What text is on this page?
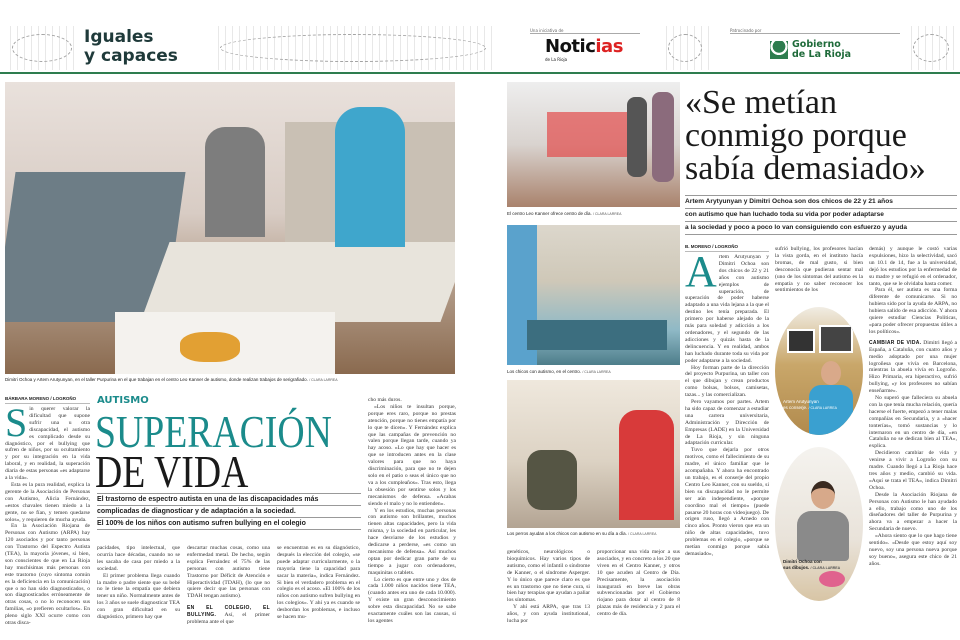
Iguales
y capaces
Una iniciativa de
Noticias
de La Rioja
Patrocinado por
Gobierno
de La Rioja
Dimitri Ochoa y Artem Arutyunyan, en el taller Purpurina en el que trabajan en el centro Leo Kanner de autismo, donde realizan trabajos de serigrafiado. / CLARA LARREA
BÁRBARA MORENO / LOGROÑO

Sin querer valorar la dificultad que supone sufrir una u otra discapacidad, el autismo es complicado desde su diagnóstico, por el bullying que sufren de niños, por su ocultamiento y por su integración en la vida laboral, y en realidad, la superación diaria de estas personas «es adaptarse a la vida».

Esta es la pura realidad, explica la gerente de la Asociación de Personas con Autismo, Alicia Fernández, «estos chavales tienen miedo a la gente, no se fían, y temen quedarse solos», y requieren de mucha ayuda.

En la Asociación Riojana de Personas con Autismo (ARPA) hay 120 asociados y por tanto personas con Trastorno del Espectro Autista (TEA), la mayoría jóvenes, si bien, son conscientes de que en La Rioja hay muchísimas más personas con este trastorno (cuyo síntoma común es la deficiencia en la comunicación) que o no han sido diagnosticados, o son diagnosticados erróneamente de otras cosas, o no lo reconocen sus familias, «o prefieren ocultarlos». En pleno siglo XXI ocurre como con otras disca-

AUTISMO
SUPERACIÓN
DE VIDA
El trastorno de espectro autista en una de las discapacidades más
complicadas de diagnosticar y de adaptación a la sociedad.
El 100% de los niños con autismo sufren bullying en el colegio

pacidades, tipo intelectual, que ocurría hace décadas, cuando no se les sacaba de casa por miedo a la sociedad.

El primer problema llega cuando la madre o padre siente que su bebé no le tiene la empatía que debiera tener un niño. Normalmente antes de los 3 años se suele diagnosticar TEA con gran dificultad en su diagnóstico, primero hay que

descartar muchas cosas, como una enfermedad metal. De hecho, según explica Fernández el 75% de las personas con autismo tiene Trastorno por Déficit de Atención e Hiperactividad (TDAH), (lo que no quiere decir que las personas con TDAH tengan autismo).

EN EL COLEGIO, EL BULLYING. Así, el primer problema ante el que

se encuentran es en su diagnóstico, después la elección del colegio, «se puede adaptar curricularmente, o la mayoría tiene la capacidad para sacar la materia», indica Fernández. Si bien el verdadero problema en el colegio es el acoso. «El 100% de los niños con autismo sufren bullying en los colegios». Y ahí ya es cuando se desbordan los problemas, e incluso se hacen mu-

cho más duros.

«Los niños te insultan porque, porque eres raro, porque no prestas atención, porque no tienes empatía por lo que te dicen». Y Fernández explica que las campañas de prevención no valen porque llegan tarde, cuando ya hay acoso. «Lo que hay que hacer es que se introducen antes en la clase valores para que no haya discriminación, para que no te dejen solo en el patio o seas el único que no va a los cumpleaños». Tras esto, llega la obsesión por sentirse solos y los mecanismos de defensa. «Acabas siendo el malo y no lo entienden».

Y en los estudios, muchas personas con autismo son brillantes, muchos tienen altas capacidades, pero la vida misma, y la sociedad en particular, les hace desviarse de los estudios y dedicarse a perderse, «es como un mecanismo de defensa». Así muchos optan por dedicar gran parte de su tiempo a jugar con ordenadores, maquinitas o tablets.

Lo cierto es que entre uno y dos de cada 1.000 niños nacidos tiene TEA, (cuando antes era uno de cada 10.000). Y existe un gran desconocimiento sobre esta discapacidad. No se sabe exactamente cuáles son las causas, si los agentes

El centro Leo Kanner ofrece centro de día. / CLARA LARREA
Los chicos con autismo, en el centro. / CLARA LARREA
Los perros ayudan a los chicos con autismo en su día a día. / CLARA LARREA

genéticos, neurológicos o bioquímicos. Hay varios tipos de autismo, como el infantil o síndrome de Kanner, o el síndrome Asperger. Y lo único que parece claro es que es un trastorno que no tiene cura, si bien hay terapias que ayudan a paliar los síntomas.

Y ahí está ARPA, que tras 13 años, y con ayuda institutional, lucha por

proporcionar una vida mejor a sus asociados, y en concreto a los 20 que viven en el Centro Kanner, y otros 10 que acuden al Centro de Día. Precisamente, la asociación inaugurará en breve las obras subvencionadas por el Gobierno riojano para dotar al centro de 8 plazas más de residencia y 2 para el centro de día.

«Se metían conmigo porque sabía demasiado»
Artem Arytyunyan y Dimitri Ochoa son dos chicos de 22 y 21 años
con autismo que han luchado toda su vida por poder adaptarse
a la sociedad y poco a poco lo van consiguiendo con esfuerzo y ayuda
B. MORENO / LOGROÑO

Artem Arutyunyan y Dimitri Ochoa son dos chicos de 22 y 21 años con autismo ejemplos de superación, de superación de poder haberse adaptado a una vida lejana a la que el destino les tenía preparada. El primero por haberse alejado de la más para soledad y adicción a los ordenadores, y el segundo de las adicciones y quizás hasta de la delincuencia. Y en realidad, ambos han luchado durante toda su vida por poder adaptarse a la sociedad.

Hoy forman parte de la dirección del proyecto Purpurina, un taller con el que dibujan y crean productos como bolsas, bolsos, camisetas, tazas... y las comercializan.

Pero vayamos por partes. Artem ha sido capaz de comenzar a estudiar una carrera universitaria, Administración y Dirección de Empresas (LADE) en la Universidad de La Rioja, y sin ninguna adaptación curricular.

Tuvo que dejarla por otros motivos, como el fallecimiento de su madre, el único familiar que le acompañaba. Y ahora ha encontrado un trabajo, es el conserje del propio Centro Leo Kanner, con su sueldo, si bien su discapacidad no le permite ser aún independiente, «porque coordino mal el tiempo» (puede pasarse 20 horas con videojuego). De origen ruso, llegó a Arnedo con cinco años. Pronto vieron que era un niño de altas capacidades, tuvo problemas en el colegio, «porque se metían conmigo porque sabía demasiado»,

sufrió bullying, los profesores hacían la vista gorda, en el instituto hacía bromas, de mal gusto, si bien desconocía que pudieran sentar mal (uno de los síntomas del autismo es la empatía y no saber reconocer los sentimientos de los

demás) y aunque le costó varias expulsiones, hizo la selectividad, sacó un 10.1 de 14, fue a la universidad, dejó los estudios por la enfermedad de su madre y se refugió en el ordenador, tanto, que se le olvidaba hasta comer.

Para él, ser autista es una forma diferente de comunicarse. Si no hubiera sido por la ayuda de ARPA, no hubiera salido de esa adicción. Y ahora quiere estudiar Ciencias Políticas, «para poder ofrecer propuestas útiles a los políticos».

CAMBIAR DE VIDA. Dimitri llegó a España, a Cataluña, con cuatro años y medio adoptado por una mujer logroñesa que vivía en Barcelona, mientras la abuela vivía en Logroño. Hizo Primaria, era hiperactivo, sufrió bullying, «y los profesores no sabían enseñarme».

No superó que falleciera su abuela con la que tenía mucha relación, quería hacerse el fuerte, empezó a tener malas compañías en Secundaria, y a «hacer tonterías», tomó sustancias y lo internaron en un centro de día, «en Cataluña no se dedican bien al TEA», explica.

Decidieron cambiar de vida y venirse a vivir a Logroño con su madre. Cuando llegó a La Rioja hace tres años y medio, cambió su vida. «Aquí se trata el TEA», indica Dimitri Ochoa.

Desde la Asociación Riojana de Personas con Autismo le han ayudado a ello, trabajo como uno de los diseñadores del taller de Purpurina y ahora va a empezar a hacer la Secundaria de nuevo.

«Ahora siento que lo que hago tiene sentido». «Desde que estoy aquí soy nuevo, soy una persona nueva porque soy bueno», asegura este chico de 21 años.

Artem Arutyunyan
es conserje. / CLARA LARREA
Dimitri Ochoa con
sus dibujos. / CLARA LARREA
